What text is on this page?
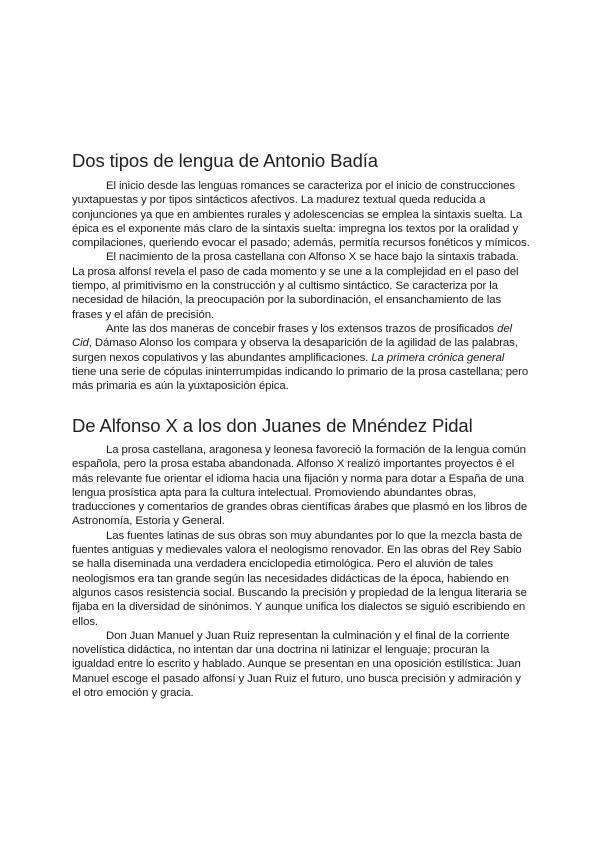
Dos tipos de lengua de Antonio Badía

El inicio desde las lenguas romances se caracteriza por el inicio de construcciones yuxtapuestas y por tipos sintácticos afectivos. La madurez textual queda reducida a conjunciones ya que en ambientes rurales y adolescencias se emplea la sintaxis suelta. La épica es el exponente más claro de la sintaxis suelta: impregna los textos por la oralidad y compilaciones, queriendo evocar el pasado; además, permitía recursos fonéticos y mímicos.

El nacimiento de la prosa castellana con Alfonso X se hace bajo la sintaxis trabada. La prosa alfonsí revela el paso de cada momento y se une a la complejidad en el paso del tiempo, al primitivismo en la construcción y al cultismo sintáctico. Se caracteriza por la necesidad de hilación, la preocupación por la subordinación, el ensanchamiento de las frases y el afán de precisión.

Ante las dos maneras de concebir frases y los extensos trazos de prosificados del Cid, Dámaso Alonso los compara y observa la desaparición de la agilidad de las palabras, surgen nexos copulativos y las abundantes amplificaciones. La primera crónica general tiene una serie de cópulas ininterrumpidas indicando lo primario de la prosa castellana; pero más primaria es aún la yuxtaposición épica.

De Alfonso X a los don Juanes de Mnéndez Pidal

La prosa castellana, aragonesa y leonesa favoreció la formación de la lengua común española, pero la prosa estaba abandonada. Alfonso X realizó importantes proyectos è el más relevante fue orientar el idioma hacia una fijación y norma para dotar a España de una lengua prosística apta para la cultura intelectual. Promoviendo abundantes obras, traducciones y comentarios de grandes obras científicas árabes que plasmó en los libros de Astronomía, Estoria y General.

Las fuentes latinas de sus obras son muy abundantes por lo que la mezcla basta de fuentes antiguas y medievales valora el neologismo renovador. En las obras del Rey Sabio se halla diseminada una verdadera enciclopedia etimológica. Pero el aluvión de tales neologismos era tan grande según las necesidades didácticas de la época, habiendo en algunos casos resistencia social. Buscando la precisión y propiedad de la lengua literaria se fijaba en la diversidad de sinónimos. Y aunque unifica los dialectos se siguió escribiendo en ellos.

Don Juan Manuel y Juan Ruiz representan la culminación y el final de la corriente novelística didáctica, no intentan dar una doctrina ni latinizar el lenguaje; procuran la igualdad entre lo escrito y hablado. Aunque se presentan en una oposición estilística: Juan Manuel escoge el pasado alfonsí y Juan Ruiz el futuro, uno busca precisión y admiración y el otro emoción y gracia.
